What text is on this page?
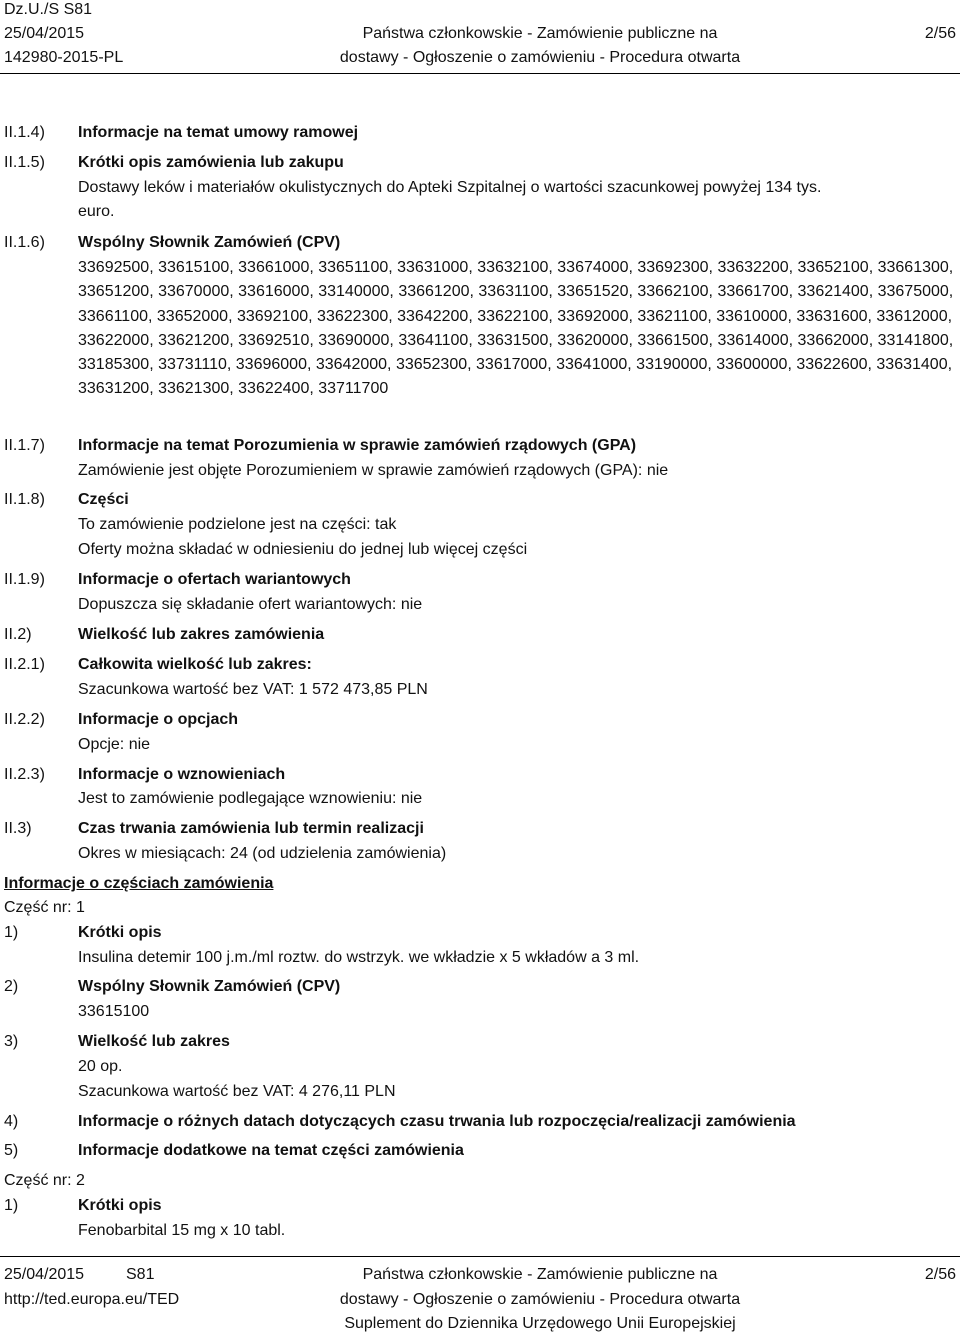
Dz.U./S S81
25/04/2015
142980-2015-PL
Państwa członkowskie - Zamówienie publiczne na
dostawy - Ogłoszenie o zamówieniu - Procedura otwarta
2/56
II.1.4) Informacje na temat umowy ramowej
II.1.5) Krótki opis zamówienia lub zakupu
Dostawy leków i materiałów okulistycznych do Apteki Szpitalnej o wartości szacunkowej powyżej 134 tys.
euro.
II.1.6) Wspólny Słownik Zamówień (CPV)
33692500, 33615100, 33661000, 33651100, 33631000, 33632100, 33674000, 33692300, 33632200, 33652100, 33661300, 33651200, 33670000, 33616000, 33140000, 33661200, 33631100, 33651520, 33662100, 33661700, 33621400, 33675000, 33661100, 33652000, 33692100, 33622300, 33642200, 33622100, 33692000, 33621100, 33610000, 33631600, 33612000, 33622000, 33621200, 33692510, 33690000, 33641100, 33631500, 33620000, 33661500, 33614000, 33662000, 33141800, 33185300, 33731110, 33696000, 33642000, 33652300, 33617000, 33641000, 33190000, 33600000, 33622600, 33631400, 33631200, 33621300, 33622400, 33711700
II.1.7) Informacje na temat Porozumienia w sprawie zamówień rządowych (GPA)
Zamówienie jest objęte Porozumieniem w sprawie zamówień rządowych (GPA): nie
II.1.8) Części
To zamówienie podzielone jest na części: tak
Oferty można składać w odniesieniu do jednej lub więcej części
II.1.9) Informacje o ofertach wariantowych
Dopuszcza się składanie ofert wariantowych: nie
II.2)	Wielkość lub zakres zamówienia
II.2.1) Całkowita wielkość lub zakres:
Szacunkowa wartość bez VAT: 1 572 473,85 PLN
II.2.2) Informacje o opcjach
Opcje: nie
II.2.3) Informacje o wznowieniach
Jest to zamówienie podlegające wznowieniu: nie
II.3)	Czas trwania zamówienia lub termin realizacji
Okres w miesiącach: 24 (od udzielenia zamówienia)
Informacje o częściach zamówienia
Część nr: 1
1)	Krótki opis
Insulina detemir 100 j.m./ml roztw. do wstrzyk. we wkładzie x 5 wkładów a 3 ml.
2)	Wspólny Słownik Zamówień (CPV)
33615100
3)	Wielkość lub zakres
20 op.
Szacunkowa wartość bez VAT: 4 276,11 PLN
4)	Informacje o różnych datach dotyczących czasu trwania lub rozpoczęcia/realizacji zamówienia
5)	Informacje dodatkowe na temat części zamówienia
Część nr: 2
1)	Krótki opis
Fenobarbital 15 mg x 10 tabl.
25/04/2015	S81
http://ted.europa.eu/TED
Państwa członkowskie - Zamówienie publiczne na
dostawy - Ogłoszenie o zamówieniu - Procedura otwarta
Suplement do Dziennika Urzędowego Unii Europejskiej
2/56
